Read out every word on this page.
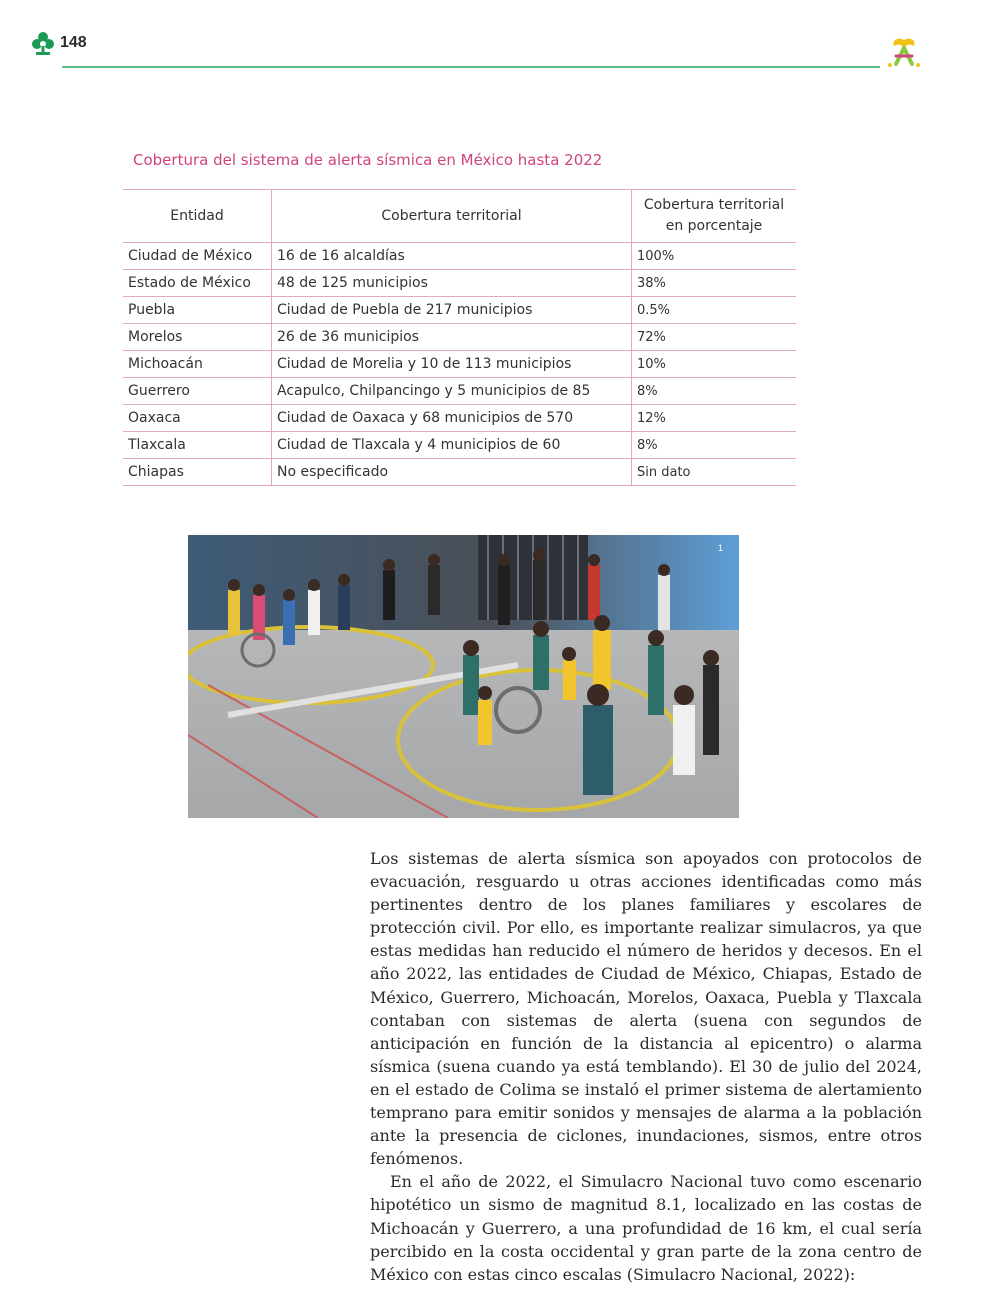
148
Cobertura del sistema de alerta sísmica en México hasta 2022
Entidad	Cobertura territorial	Cobertura territorial en porcentaje

Ciudad de México	16 de 16 alcaldías	100%
Estado de México	48 de 125 municipios	38%
Puebla	Ciudad de Puebla de 217 municipios	0.5%
Morelos	26 de 36 municipios	72%
Michoacán	Ciudad de Morelia y 10 de 113 municipios	10%
Guerrero	Acapulco, Chilpancingo y 5 municipios de 85	8%
Oaxaca	Ciudad de Oaxaca y 68 municipios de 570	12%
Tlaxcala	Ciudad de Tlaxcala y 4 municipios de 60	8%
Chiapas	No especificado	Sin dato
1

Los sistemas de alerta sísmica son apoyados con protocolos de evacuación, resguardo u otras acciones identificadas como más pertinentes dentro de los planes familiares y escolares de protección civil. Por ello, es importante realizar simulacros, ya que estas medidas han reducido el número de heridos y decesos. En el año 2022, las entidades de Ciudad de México, Chiapas, Estado de México, Guerrero, Michoacán, Morelos, Oaxaca, Puebla y Tlaxcala contaban con sistemas de alerta (suena con segundos de anticipación en función de la distancia al epicentro) o alarma sísmica (suena cuando ya está temblando). El 30 de julio del 2024, en el estado de Colima se instaló el primer sistema de alertamiento temprano para emitir sonidos y mensajes de alarma a la población ante la presencia de ciclones, inundaciones, sismos, entre otros fenómenos.

En el año de 2022, el Simulacro Nacional tuvo como escenario hipotético un sismo de magnitud 8.1, localizado en las costas de Michoacán y Guerrero, a una profundidad de 16 km, el cual sería percibido en la costa occidental y gran parte de la zona centro de México con estas cinco escalas (Simulacro Nacional, 2022):
